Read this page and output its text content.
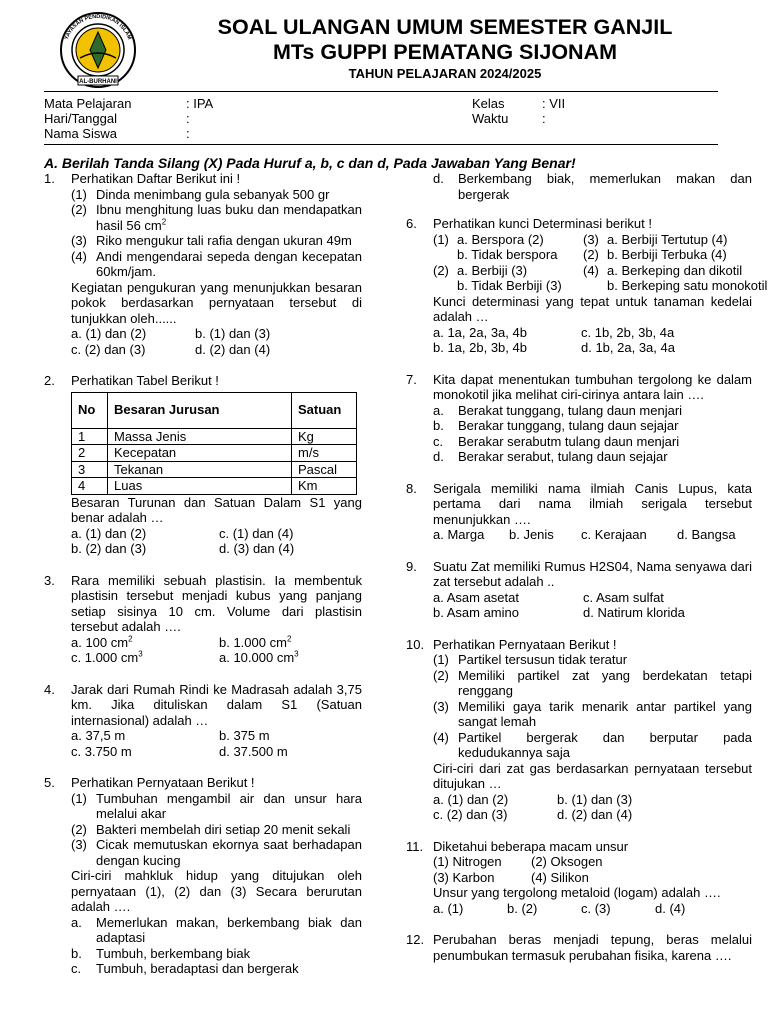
YAYASAN PENDIDIKAN ISLAM
AL-BURHANI
SOAL ULANGAN UMUM SEMESTER GANJIL
MTs GUPPI PEMATANG SIJONAM
TAHUN PELAJARAN 2024/2025
Mata Pelajaran	: IPA
Hari/Tanggal	:
Nama Siswa	:
Kelas	: VII
Waktu	:
A. Berilah Tanda Silang (X) Pada Huruf a, b, c dan d, Pada Jawaban Yang Benar!
1. Perhatikan Daftar Berikut ini !
(1) Dinda menimbang gula sebanyak 500 gr
(2) Ibnu menghitung luas buku dan mendapatkan hasil 56 $cm^2$
(3) Riko mengukur tali rafia dengan ukuran 49m
(4) Andi mengendarai sepeda dengan kecepatan 60km/jam.
Kegiatan pengukuran yang menunjukkan besaran pokok berdasarkan pernyataan tersebut di tunjukkan oleh......
a. (1) dan (2)	b. (1) dan (3)
c. (2) dan (3)	d. (2) dan (4)
2. Perhatikan Tabel Berikut !
No	Besaran Jurusan	Satuan
1	Massa Jenis	Kg
2	Kecepatan	m/s
3	Tekanan	Pascal
4	Luas	Km
Besaran Turunan dan Satuan Dalam S1 yang benar adalah …
a. (1) dan (2)	c. (1) dan (4)
b. (2) dan (3)	d. (3) dan (4)
3. Rara memiliki sebuah plastisin. Ia membentuk plastisin tersebut menjadi kubus yang panjang setiap sisinya 10 cm. Volume dari plastisin tersebut adalah ….
a. 100 $cm^2$	b. 1.000 $cm^2$
c. 1.000 $cm^3$	a. 10.000 $cm^3$
4. Jarak dari Rumah Rindi ke Madrasah adalah 3,75 km. Jika dituliskan dalam S1 (Satuan internasional) adalah …
a. 37,5 m	b. 375 m
c. 3.750 m	d. 37.500 m
5. Perhatikan Pernyataan Berikut !
(1) Tumbuhan mengambil air dan unsur hara melalui akar
(2) Bakteri membelah diri setiap 20 menit sekali
(3) Cicak memutuskan ekornya saat berhadapan dengan kucing
Ciri-ciri mahkluk hidup yang ditujukan oleh pernyataan (1), (2) dan (3) Secara berurutan adalah ….
a.	Memerlukan makan, berkembang biak dan adaptasi
b.	Tumbuh, berkembang biak
c.	Tumbuh, beradaptasi dan bergerak
d.	Berkembang biak, memerlukan makan dan bergerak
6. Perhatikan kunci Determinasi berikut !
(1) a. Berspora (2)	(3) a. Berbiji Tertutup (4)
b. Tidak berspora	(2) b. Berbiji Terbuka (4)
(2) a. Berbiji (3)	(4) a. Berkeping dan dikotil
b. Tidak Berbiji (3)	b. Berkeping satu monokotil
Kunci determinasi yang tepat untuk tanaman kedelai adalah …
a. 1a, 2a, 3a, 4b	c. 1b, 2b, 3b, 4a
b. 1a, 2b, 3b, 4b	d. 1b, 2a, 3a, 4a
7. Kita dapat menentukan tumbuhan tergolong ke dalam monokotil jika melihat ciri-cirinya antara lain ….
a.	Berakat tunggang, tulang daun menjari
b.	Berakar tunggang, tulang daun sejajar
c.	Berakar serabutm tulang daun menjari
d.	Berakar serabut, tulang daun sejajar
8. Serigala memiliki nama ilmiah Canis Lupus, kata pertama dari nama ilmiah serigala tersebut menunjukkan ….
a. Marga	b. Jenis	c. Kerajaan	d. Bangsa
9. Suatu Zat memiliki Rumus H2S04, Nama senyawa dari zat tersebut adalah ..
a. Asam asetat	c. Asam sulfat
b. Asam amino	d. Natirum klorida
10. Perhatikan Pernyataan Berikut !
(1) Partikel tersusun tidak teratur
(2) Memiliki partikel zat yang berdekatan tetapi renggang
(3) Memiliki gaya tarik menarik antar partikel yang sangat lemah
(4) Partikel bergerak dan berputar pada kedudukannya saja
Ciri-ciri dari zat gas berdasarkan pernyataan tersebut ditujukan …
a. (1) dan (2)	b. (1) dan (3)
c. (2) dan (3)	d. (2) dan (4)
11. Diketahui beberapa macam unsur
(1) Nitrogen	(2) Oksogen
(3) Karbon	(4) Silikon
Unsur yang tergolong metaloid (logam) adalah ….
a. (1)	b. (2)	c. (3)	d. (4)
12. Perubahan beras menjadi tepung, beras melalui penumbukan termasuk perubahan fisika, karena ….
